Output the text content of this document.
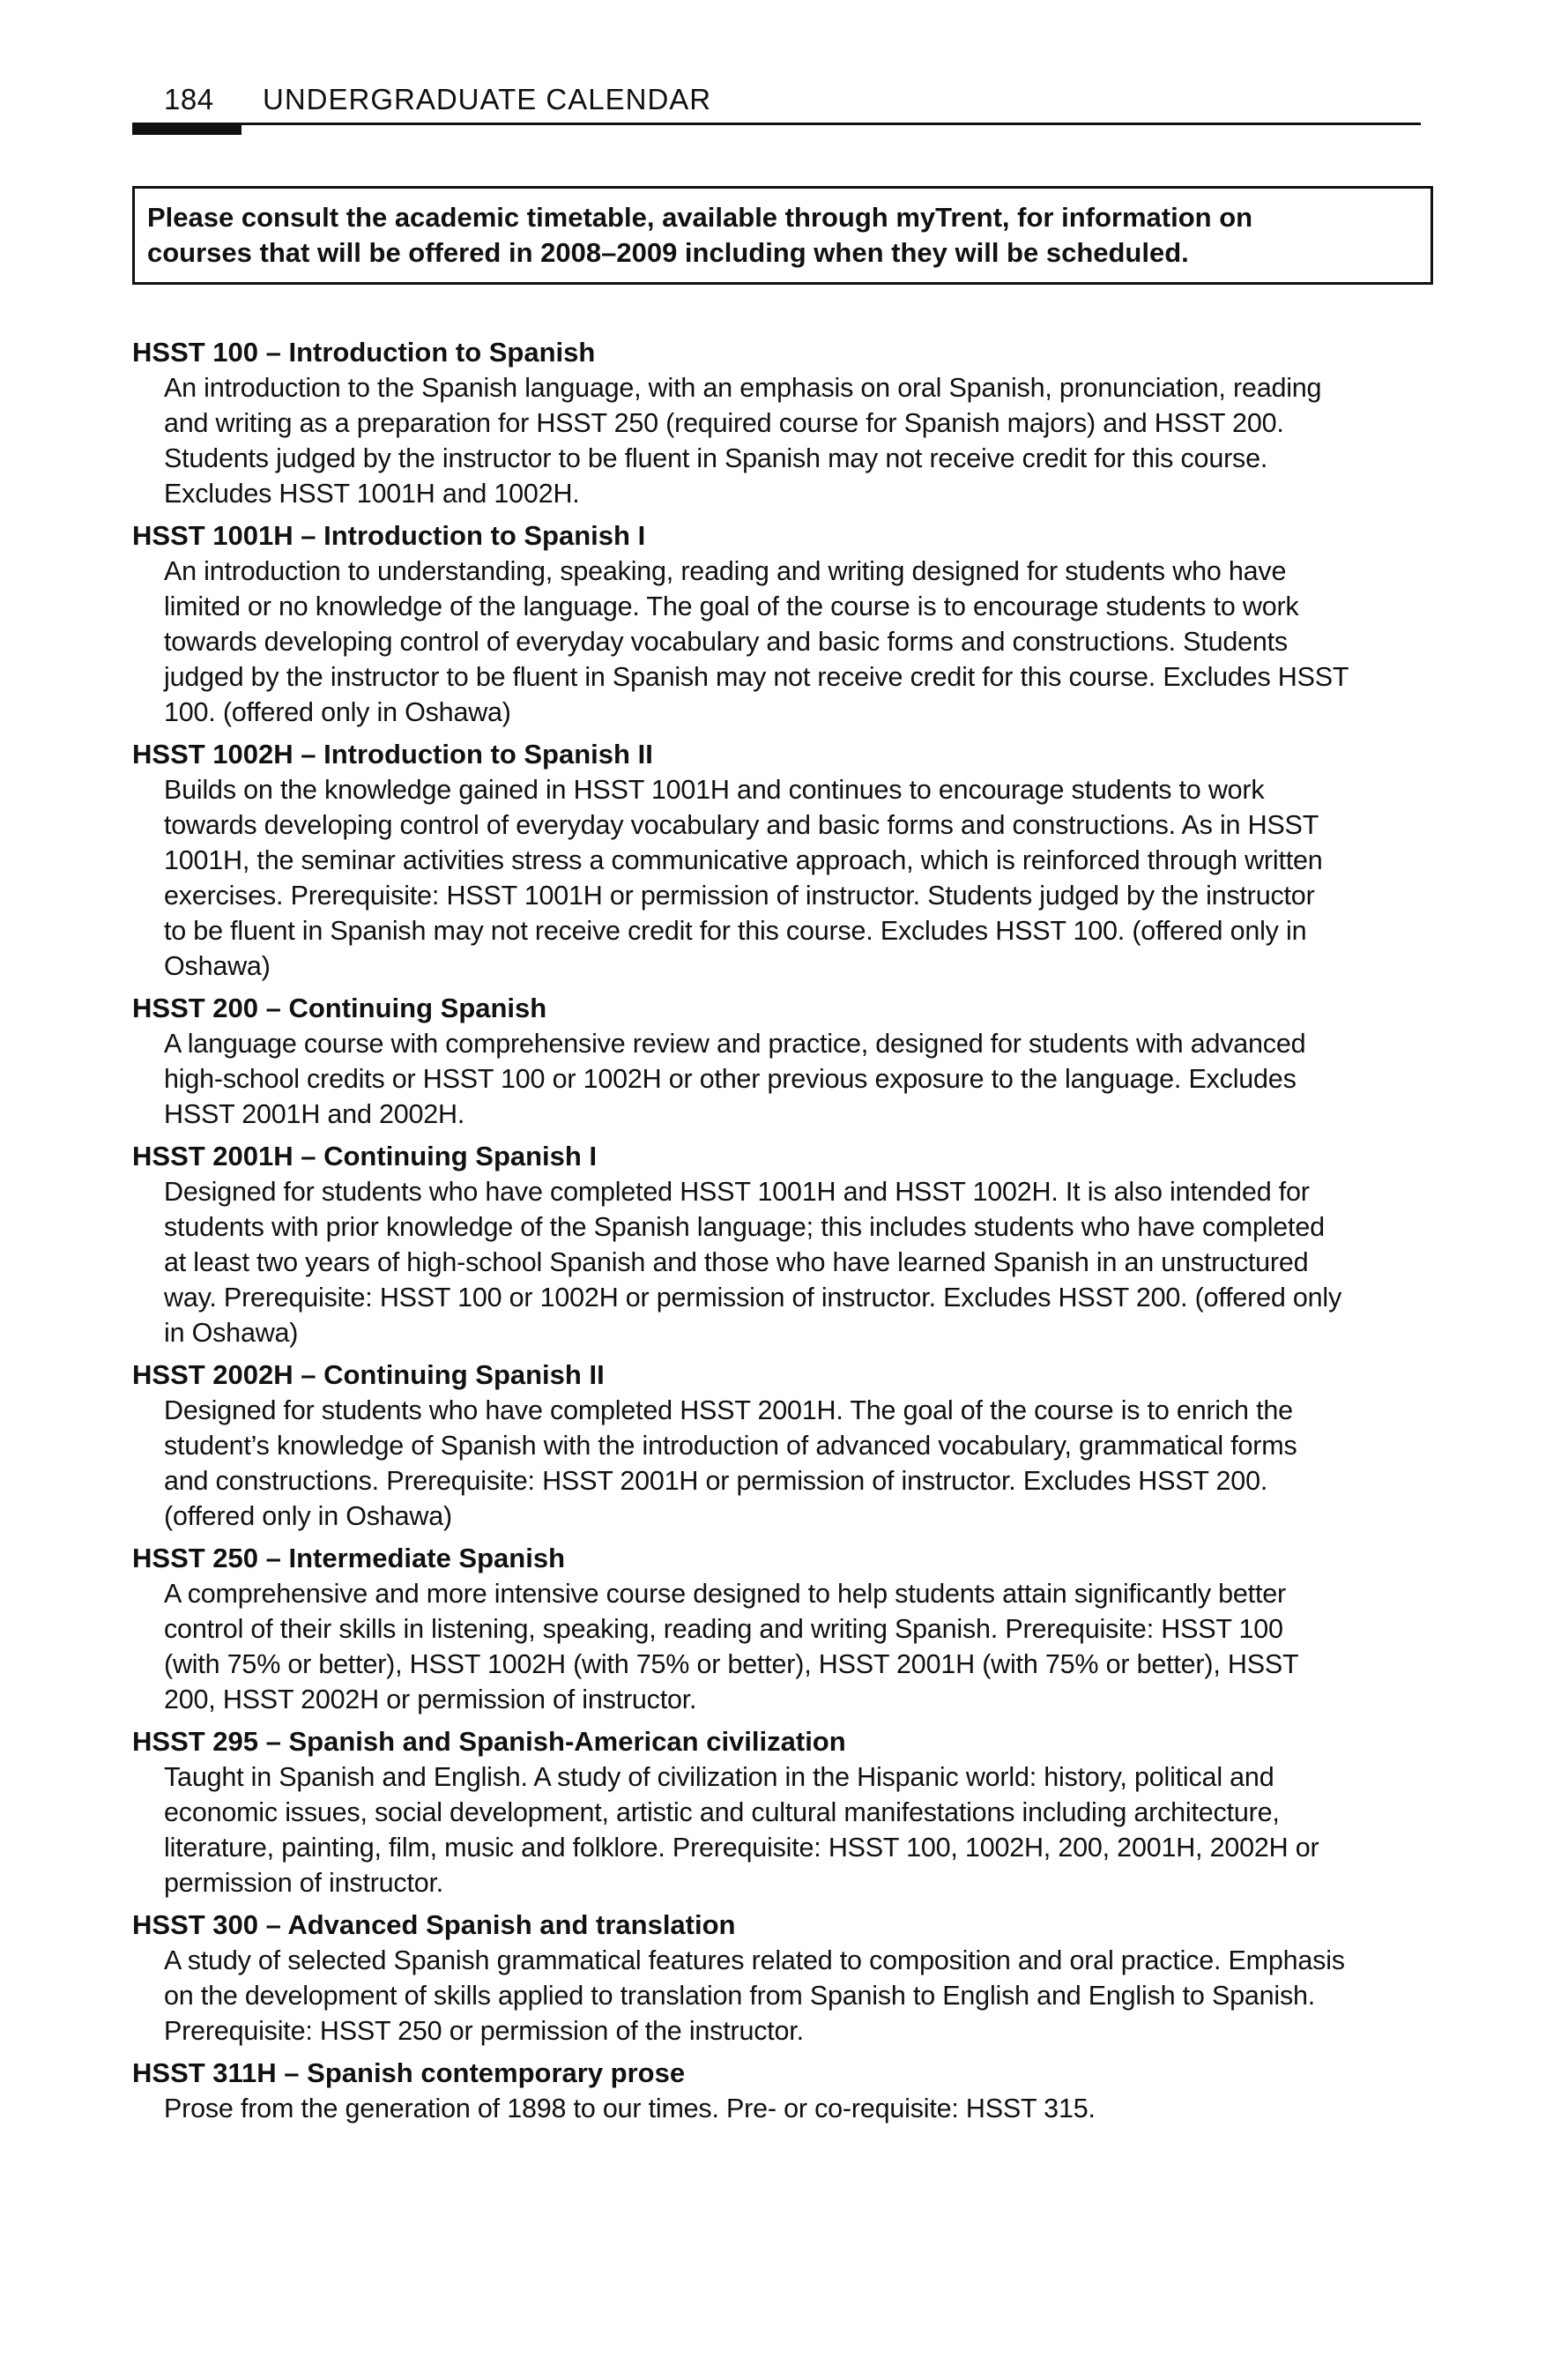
184 UNDERGRADUATE CALENDAR
Please consult the academic timetable, available through myTrent, for information on
courses that will be offered in 2008–2009 including when they will be scheduled.
HSST 100 – Introduction to Spanish
An introduction to the Spanish language, with an emphasis on oral Spanish, pronunciation, reading
and writing as a preparation for HSST 250 (required course for Spanish majors) and HSST 200.
Students judged by the instructor to be fluent in Spanish may not receive credit for this course.
Excludes HSST 1001H and 1002H.
HSST 1001H – Introduction to Spanish I
An introduction to understanding, speaking, reading and writing designed for students who have
limited or no knowledge of the language. The goal of the course is to encourage students to work
towards developing control of everyday vocabulary and basic forms and constructions. Students
judged by the instructor to be fluent in Spanish may not receive credit for this course. Excludes HSST
100. (offered only in Oshawa)
HSST 1002H – Introduction to Spanish II
Builds on the knowledge gained in HSST 1001H and continues to encourage students to work
towards developing control of everyday vocabulary and basic forms and constructions. As in HSST
1001H, the seminar activities stress a communicative approach, which is reinforced through written
exercises. Prerequisite: HSST 1001H or permission of instructor. Students judged by the instructor
to be fluent in Spanish may not receive credit for this course. Excludes HSST 100. (offered only in
Oshawa)
HSST 200 – Continuing Spanish
A language course with comprehensive review and practice, designed for students with advanced
high-school credits or HSST 100 or 1002H or other previous exposure to the language. Excludes
HSST 2001H and 2002H.
HSST 2001H – Continuing Spanish I
Designed for students who have completed HSST 1001H and HSST 1002H. It is also intended for
students with prior knowledge of the Spanish language; this includes students who have completed
at least two years of high-school Spanish and those who have learned Spanish in an unstructured
way. Prerequisite: HSST 100 or 1002H or permission of instructor. Excludes HSST 200. (offered only
in Oshawa)
HSST 2002H – Continuing Spanish II
Designed for students who have completed HSST 2001H. The goal of the course is to enrich the
student’s knowledge of Spanish with the introduction of advanced vocabulary, grammatical forms
and constructions. Prerequisite: HSST 2001H or permission of instructor. Excludes HSST 200.
(offered only in Oshawa)
HSST 250 – Intermediate Spanish
A comprehensive and more intensive course designed to help students attain significantly better
control of their skills in listening, speaking, reading and writing Spanish. Prerequisite: HSST 100
(with 75% or better), HSST 1002H (with 75% or better), HSST 2001H (with 75% or better), HSST
200, HSST 2002H or permission of instructor.
HSST 295 – Spanish and Spanish-American civilization
Taught in Spanish and English. A study of civilization in the Hispanic world: history, political and
economic issues, social development, artistic and cultural manifestations including architecture,
literature, painting, film, music and folklore. Prerequisite: HSST 100, 1002H, 200, 2001H, 2002H or
permission of instructor.
HSST 300 – Advanced Spanish and translation
A study of selected Spanish grammatical features related to composition and oral practice. Emphasis
on the development of skills applied to translation from Spanish to English and English to Spanish.
Prerequisite: HSST 250 or permission of the instructor.
HSST 311H – Spanish contemporary prose
Prose from the generation of 1898 to our times. Pre- or co-requisite: HSST 315.
